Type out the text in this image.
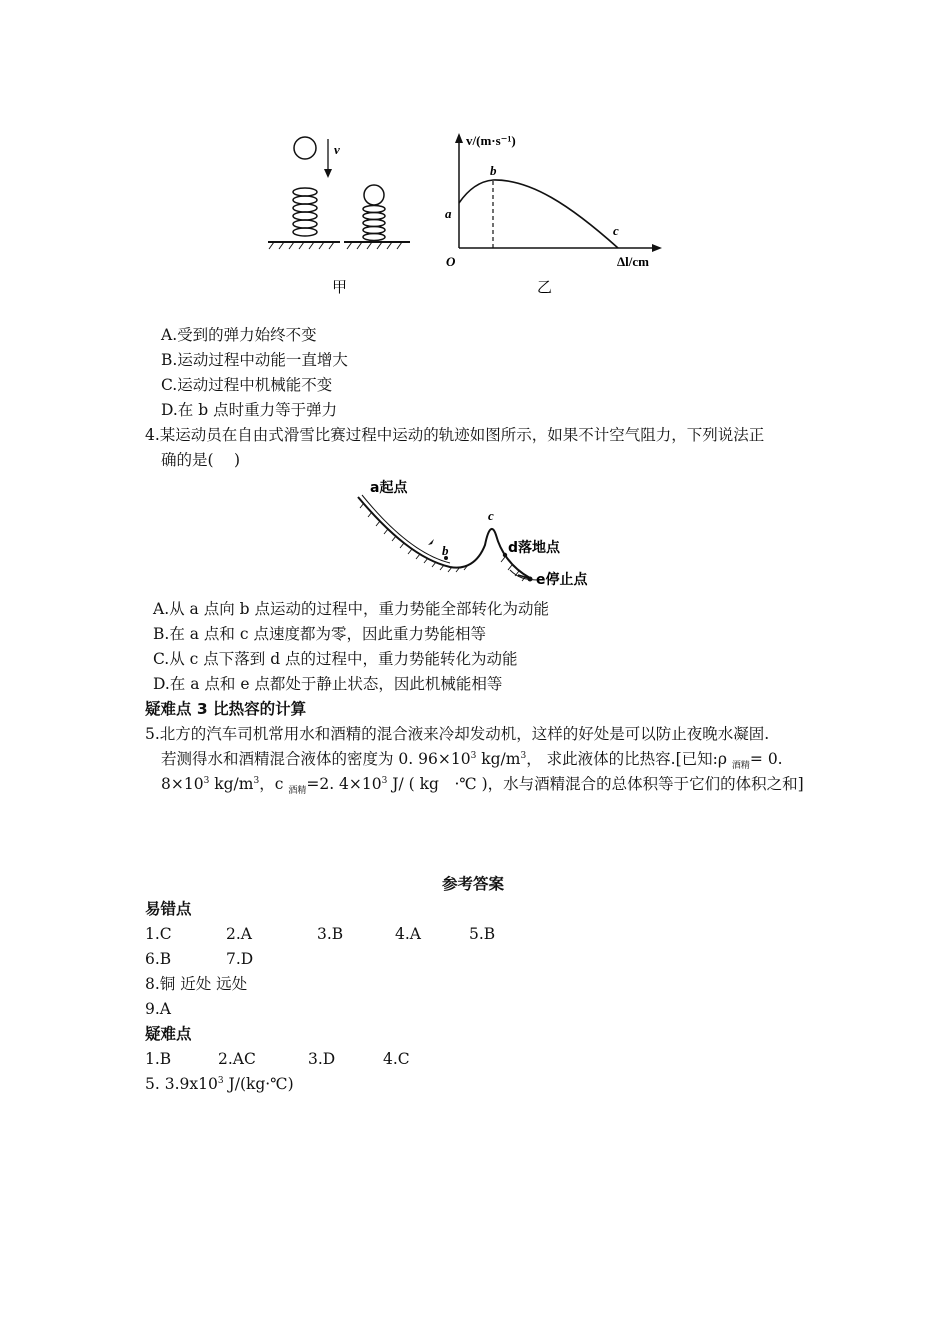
v
v/(m·s⁻¹)
Δl/cm
O
a
b
c
甲	乙
A.受到的弹力始终不变
B.运动过程中动能一直增大
C.运动过程中机械能不变
D.在 b 点时重力等于弹力
4.某运动员在自由式滑雪比赛过程中运动的轨迹如图所示，如果不计空气阻力，下列说法正
确的是(　 )
a起点
b
c
d落地点
e停止点
A.从 a 点向 b 点运动的过程中，重力势能全部转化为动能
B.在 a 点和 c 点速度都为零，因此重力势能相等
C.从 c 点下落到 d 点的过程中，重力势能转化为动能
D.在 a 点和 e 点都处于静止状态，因此机械能相等
疑难点 3 比热容的计算
5.北方的汽车司机常用水和酒精的混合液来冷却发动机，这样的好处是可以防止夜晚水凝固.
若测得水和酒精混合液体的密度为 0. $96\times 10^3$ $kg/m^3$， 求此液体的比热容.[已知:ρ $_{酒精}$= 0.
$8\times 10^3$ $kg/m^3$，c $_{酒精}$=2. $4\times 10^3$ J/ ( kg　·℃ )，水与酒精混合的总体积等于它们的体积之和]
参考答案
易错点
1.C	2.A	3.B	4.A	5.B
6.B	7.D
8.铜 近处 远处
9.A
疑难点
1.B	2.AC	3.D	4.C
5. $3.9x10^3$ J/(kg·℃)
